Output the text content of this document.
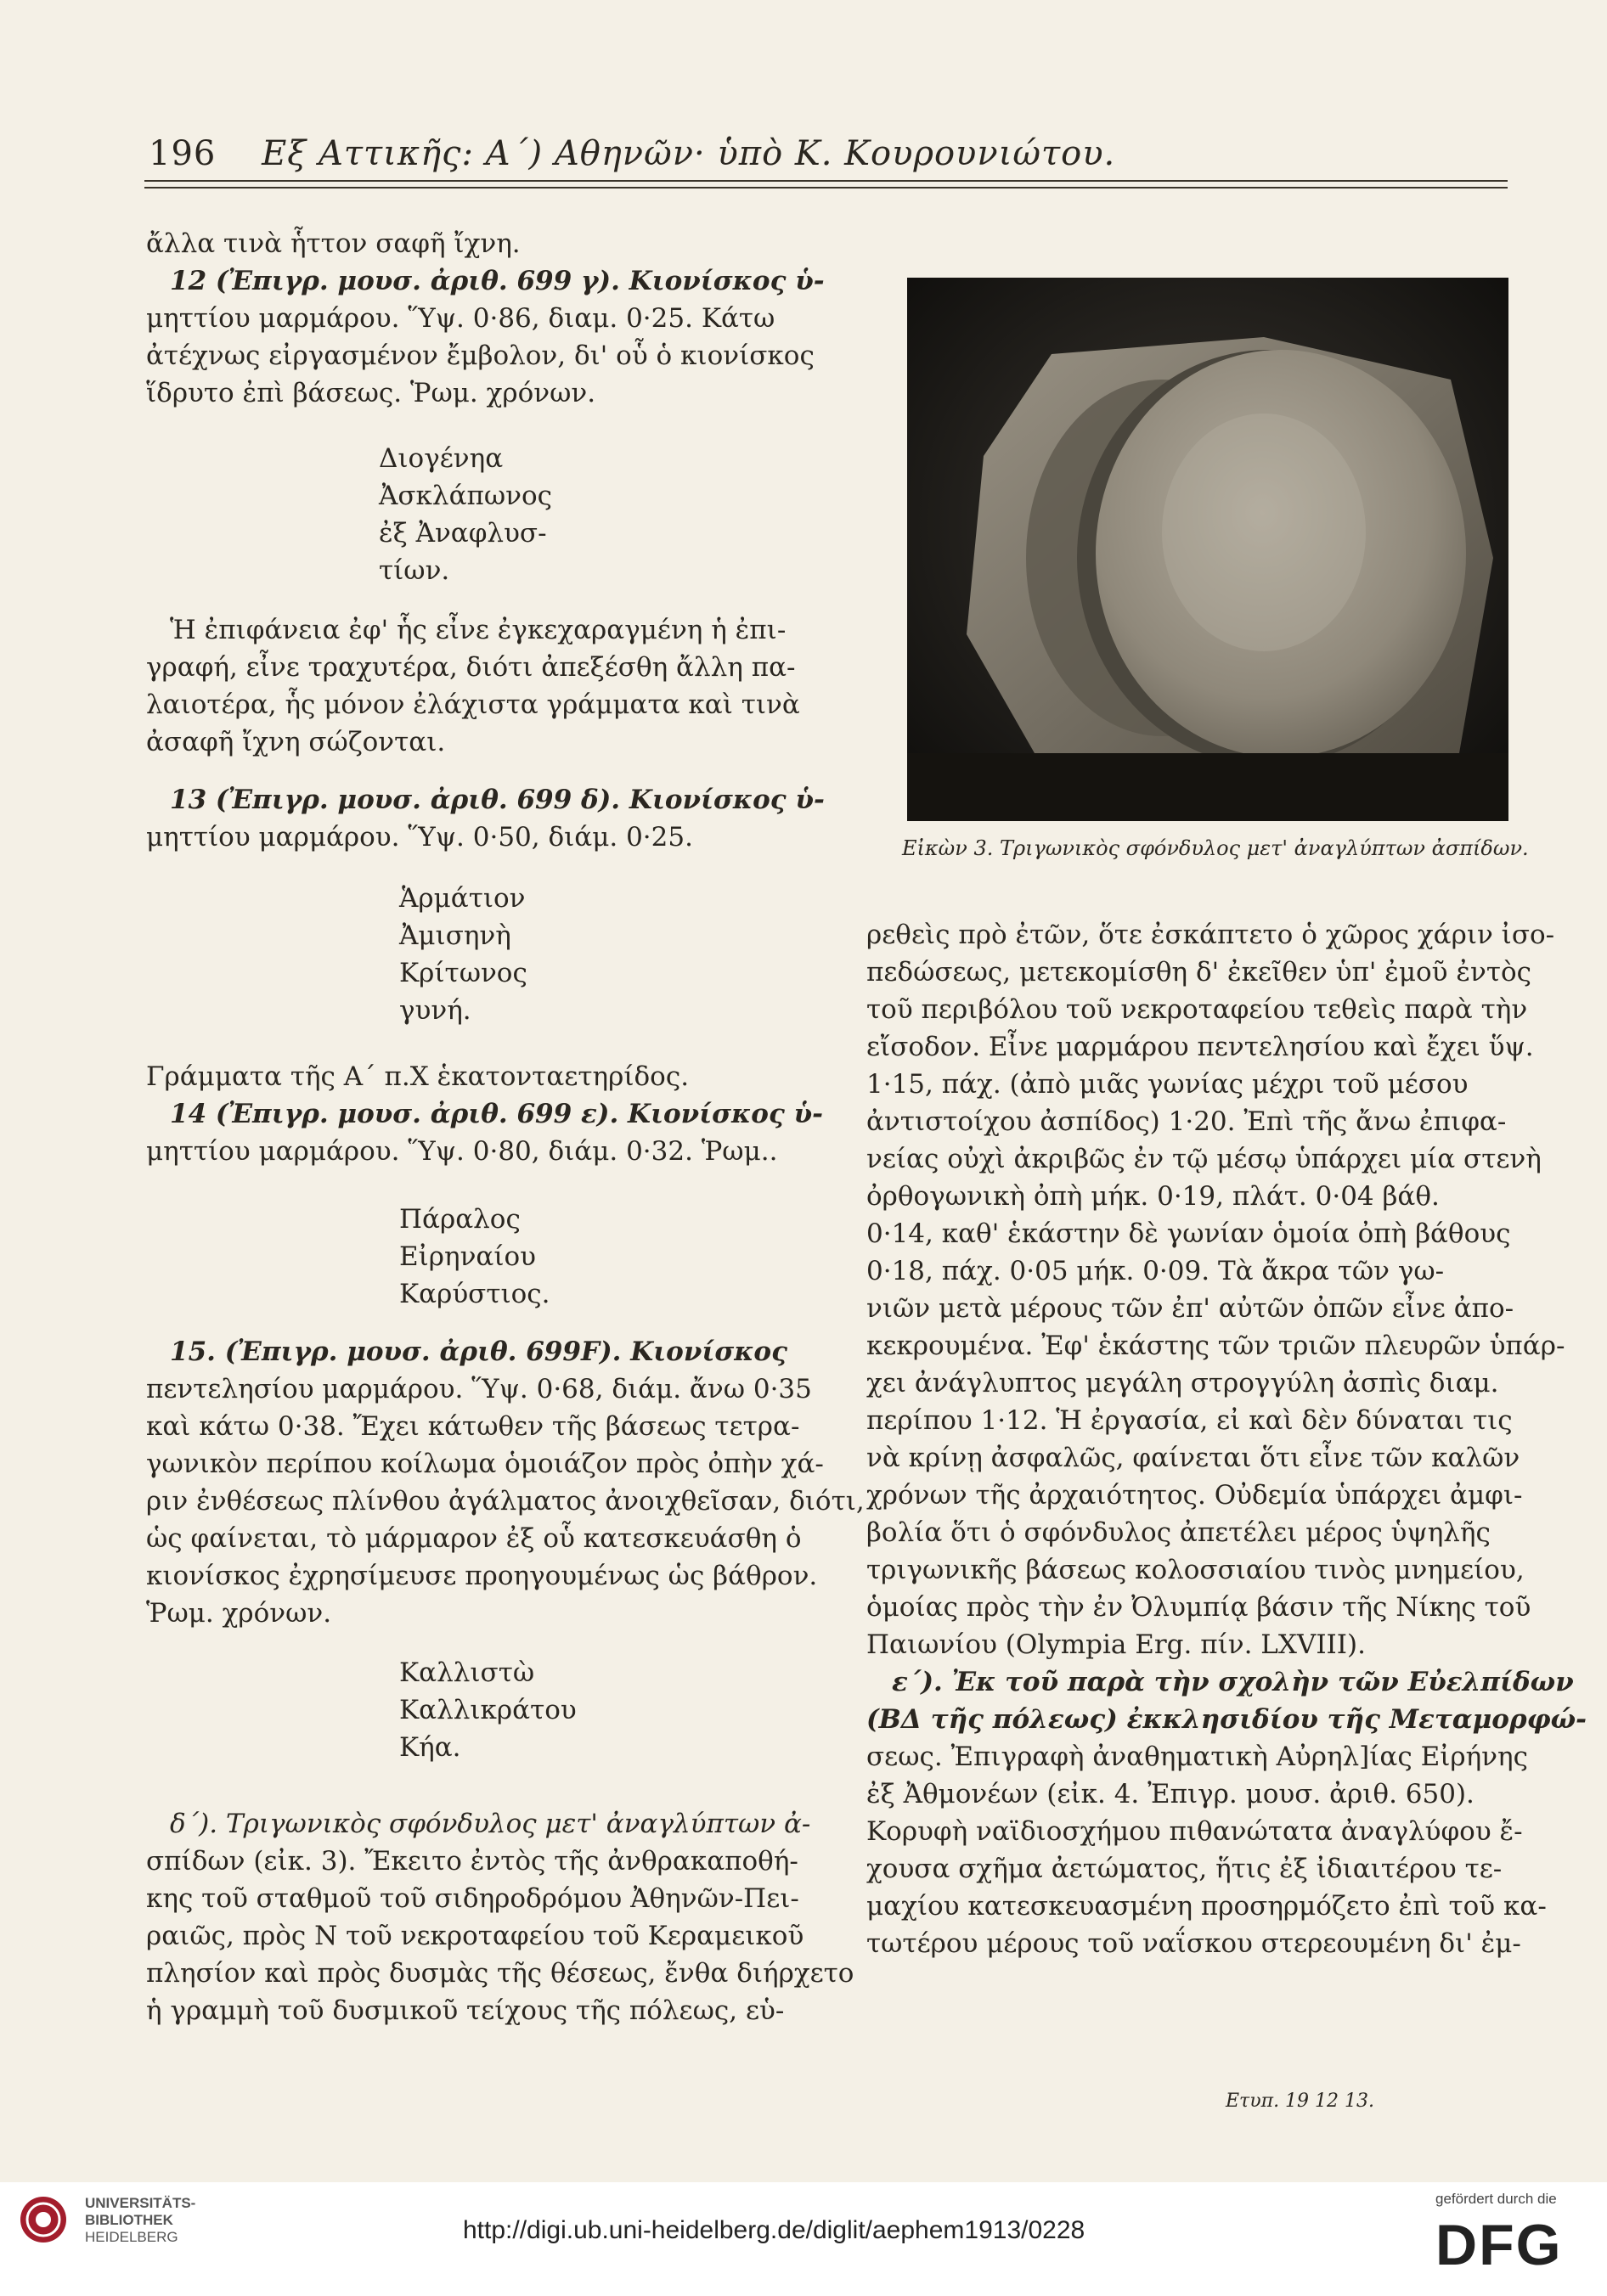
196 Εξ Αττικῆς: Α΄) Αθηνῶν· ὑπὸ Κ. Κουρουνιώτου.
ἄλλα τινὰ ἧττον σαφῆ ἴχνη.
12 (Ἐπιγρ. μουσ. ἀριθ. 699 γ). Κιονίσκος ὑ-
μηττίου μαρμάρου. Ὕψ. 0·86, διαμ. 0·25. Κάτω
ἀτέχνως εἰργασμένον ἔμβολον, δι' οὗ ὁ κιονίσκος
ἵδρυτο ἐπὶ βάσεως. Ῥωμ. χρόνων.
Διογένηα
Ἀσκλάπωνος
ἐξ Ἀναφλυσ-
τίων.
Ἡ ἐπιφάνεια ἐφ' ἧς εἶνε ἐγκεχαραγμένη ἡ ἐπι-
γραφή, εἶνε τραχυτέρα, διότι ἀπεξέσθη ἄλλη πα-
λαιοτέρα, ἧς μόνον ἐλάχιστα γράμματα καὶ τινὰ
ἀσαφῆ ἴχνη σώζονται.
13 (Ἐπιγρ. μουσ. ἀριθ. 699 δ). Κιονίσκος ὑ-
μηττίου μαρμάρου. Ὕψ. 0·50, διάμ. 0·25.
Ἁρμάτιον
Ἀμισηνὴ
Κρίτωνος
γυνή.
Γράμματα τῆς Α΄ π.Χ ἑκατονταετηρίδος.
14 (Ἐπιγρ. μουσ. ἀριθ. 699 ε). Κιονίσκος ὑ-
μηττίου μαρμάρου. Ὕψ. 0·80, διάμ. 0·32. Ῥωμ..
Πάραλος
Εἰρηναίου
Καρύστιος.
15. (Ἐπιγρ. μουσ. ἀριθ. 699F). Κιονίσκος
πεντελησίου μαρμάρου. Ὕψ. 0·68, διάμ. ἄνω 0·35
καὶ κάτω 0·38. Ἔχει κάτωθεν τῆς βάσεως τετρα-
γωνικὸν περίπου κοίλωμα ὁμοιάζον πρὸς ὀπὴν χά-
ριν ἐνθέσεως πλίνθου ἀγάλματος ἀνοιχθεῖσαν, διότι,
ὡς φαίνεται, τὸ μάρμαρον ἐξ οὗ κατεσκευάσθη ὁ
κιονίσκος ἐχρησίμευσε προηγουμένως ὡς βάθρον.
Ῥωμ. χρόνων.
Καλλιστὼ
Καλλικράτου
Κήα.
δ΄). Τριγωνικὸς σφόνδυλος μετ' ἀναγλύπτων ἀ-
σπίδων (εἰκ. 3). Ἔκειτο ἐντὸς τῆς ἀνθρακαποθή-
κης τοῦ σταθμοῦ τοῦ σιδηροδρόμου Ἀθηνῶν-Πει-
ραιῶς, πρὸς Ν τοῦ νεκροταφείου τοῦ Κεραμεικοῦ
πλησίον καὶ πρὸς δυσμὰς τῆς θέσεως, ἔνθα διήρχετο
ἡ γραμμὴ τοῦ δυσμικοῦ τείχους τῆς πόλεως, εὑ-
Εἰκὼν 3. Τριγωνικὸς σφόνδυλος μετ' ἀναγλύπτων ἀσπίδων.
ρεθεὶς πρὸ ἐτῶν, ὅτε ἐσκάπτετο ὁ χῶρος χάριν ἰσο-
πεδώσεως, μετεκομίσθη δ' ἐκεῖθεν ὑπ' ἐμοῦ ἐντὸς
τοῦ περιβόλου τοῦ νεκροταφείου τεθεὶς παρὰ τὴν
εἴσοδον. Εἶνε μαρμάρου πεντελησίου καὶ ἔχει ὕψ.
1·15, πάχ. (ἀπὸ μιᾶς γωνίας μέχρι τοῦ μέσου
ἀντιστοίχου ἀσπίδος) 1·20. Ἐπὶ τῆς ἄνω ἐπιφα-
νείας οὐχὶ ἀκριβῶς ἐν τῷ μέσῳ ὑπάρχει μία στενὴ
ὀρθογωνικὴ ὀπὴ μήκ. 0·19, πλάτ. 0·04 βάθ.
0·14, καθ' ἑκάστην δὲ γωνίαν ὁμοία ὀπὴ βάθους
0·18, πάχ. 0·05 μήκ. 0·09. Τὰ ἄκρα τῶν γω-
νιῶν μετὰ μέρους τῶν ἐπ' αὐτῶν ὀπῶν εἶνε ἀπο-
κεκρουμένα. Ἐφ' ἑκάστης τῶν τριῶν πλευρῶν ὑπάρ-
χει ἀνάγλυπτος μεγάλη στρογγύλη ἀσπὶς διαμ.
περίπου 1·12. Ἡ ἐργασία, εἰ καὶ δὲν δύναται τις
νὰ κρίνῃ ἀσφαλῶς, φαίνεται ὅτι εἶνε τῶν καλῶν
χρόνων τῆς ἀρχαιότητος. Οὐδεμία ὑπάρχει ἀμφι-
βολία ὅτι ὁ σφόνδυλος ἀπετέλει μέρος ὑψηλῆς
τριγωνικῆς βάσεως κολοσσιαίου τινὸς μνημείου,
ὁμοίας πρὸς τὴν ἐν Ὀλυμπίᾳ βάσιν τῆς Νίκης τοῦ
Παιωνίου (Olympia Erg. πίν. LXVIII).
ε΄). Ἐκ τοῦ παρὰ τὴν σχολὴν τῶν Εὐελπίδων
(ΒΔ τῆς πόλεως) ἐκκλησιδίου τῆς Μεταμορφώ-
σεως. Ἐπιγραφὴ ἀναθηματικὴ Αὐρηλ]ίας Εἰρήνης
ἐξ Ἀθμονέων (εἰκ. 4. Ἐπιγρ. μουσ. ἀριθ. 650).
Κορυφὴ ναϊδιοσχήμου πιθανώτατα ἀναγλύφου ἔ-
χουσα σχῆμα ἀετώματος, ἥτις ἐξ ἰδιαιτέρου τε-
μαχίου κατεσκευασμένη προσηρμόζετο ἐπὶ τοῦ κα-
τωτέρου μέρους τοῦ ναΐσκου στερεουμένη δι' ἐμ-
Ετυπ. 19 12 13.
UNIVERSITÄTS-
BIBLIOTHEK
HEIDELBERG	http://digi.ub.uni-heidelberg.de/diglit/aephem1913/0228
gefördert durch die
DFG
